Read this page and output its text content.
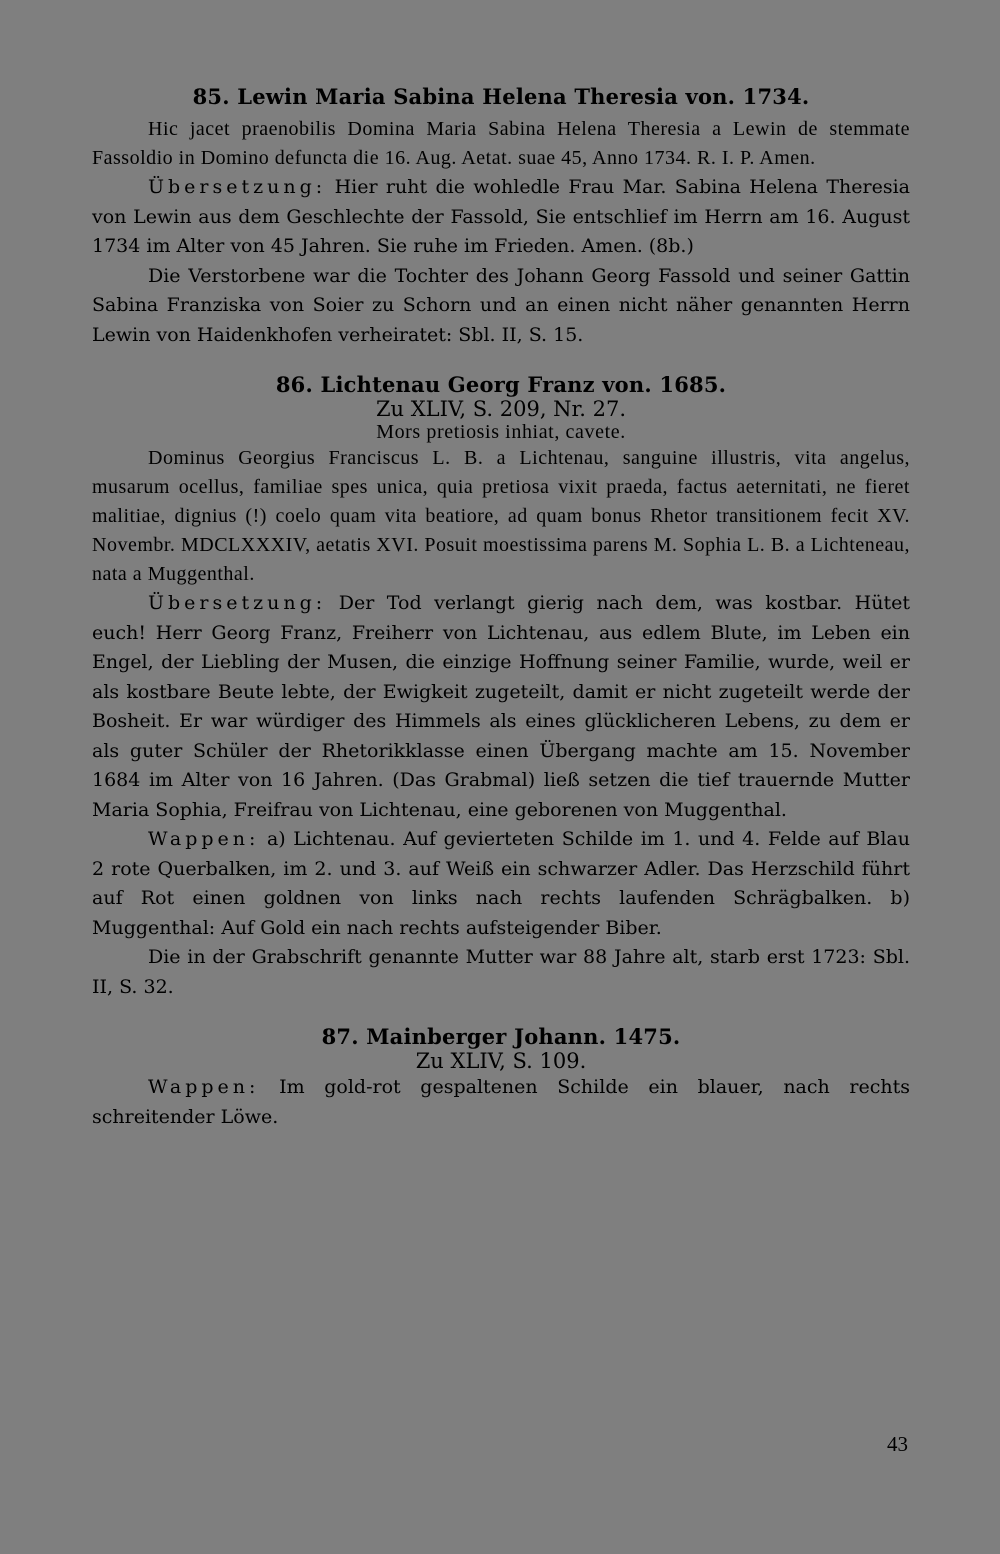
85. Lewin Maria Sabina Helena Theresia von. 1734.

Hic jacet praenobilis Domina Maria Sabina Helena Theresia a Lewin de stemmate Fassoldio in Domino defuncta die 16. Aug. Aetat. suae 45, Anno 1734. R. I. P. Amen.

Übersetzung: Hier ruht die wohledle Frau Mar. Sabina Helena Theresia von Lewin aus dem Geschlechte der Fassold, Sie entschlief im Herrn am 16. August 1734 im Alter von 45 Jahren. Sie ruhe im Frieden. Amen. (8b.)

Die Verstorbene war die Tochter des Johann Georg Fassold und seiner Gattin Sabina Franziska von Soier zu Schorn und an einen nicht näher genannten Herrn Lewin von Haidenkhofen verheiratet: Sbl. II, S. 15.

86. Lichtenau Georg Franz von. 1685.

Zu XLIV, S. 209, Nr. 27.

Mors pretiosis inhiat, cavete.

Dominus Georgius Franciscus L. B. a Lichtenau, sanguine illustris, vita angelus, musarum ocellus, familiae spes unica, quia pretiosa vixit praeda, factus aeternitati, ne fieret malitiae, dignius (!) coelo quam vita beatiore, ad quam bonus Rhetor transitionem fecit XV. Novembr. MDCLXXXIV, aetatis XVI. Posuit moestissima parens M. Sophia L. B. a Lichteneau, nata a Muggenthal.

Übersetzung: Der Tod verlangt gierig nach dem, was kostbar. Hütet euch! Herr Georg Franz, Freiherr von Lichtenau, aus edlem Blute, im Leben ein Engel, der Liebling der Musen, die einzige Hoffnung seiner Familie, wurde, weil er als kostbare Beute lebte, der Ewigkeit zugeteilt, damit er nicht zugeteilt werde der Bosheit. Er war würdiger des Himmels als eines glücklicheren Lebens, zu dem er als guter Schüler der Rhetorikklasse einen Übergang machte am 15. November 1684 im Alter von 16 Jahren. (Das Grabmal) ließ setzen die tief trauernde Mutter Maria Sophia, Freifrau von Lichtenau, eine geborenen von Muggenthal.

Wappen: a) Lichtenau. Auf gevierteten Schilde im 1. und 4. Felde auf Blau 2 rote Querbalken, im 2. und 3. auf Weiß ein schwarzer Adler. Das Herzschild führt auf Rot einen goldnen von links nach rechts laufenden Schrägbalken. b) Muggenthal: Auf Gold ein nach rechts aufsteigender Biber.

Die in der Grabschrift genannte Mutter war 88 Jahre alt, starb erst 1723: Sbl. II, S. 32.

87. Mainberger Johann. 1475.

Zu XLIV, S. 109.

Wappen: Im gold-rot gespaltenen Schilde ein blauer, nach rechts schreitender Löwe.

43
